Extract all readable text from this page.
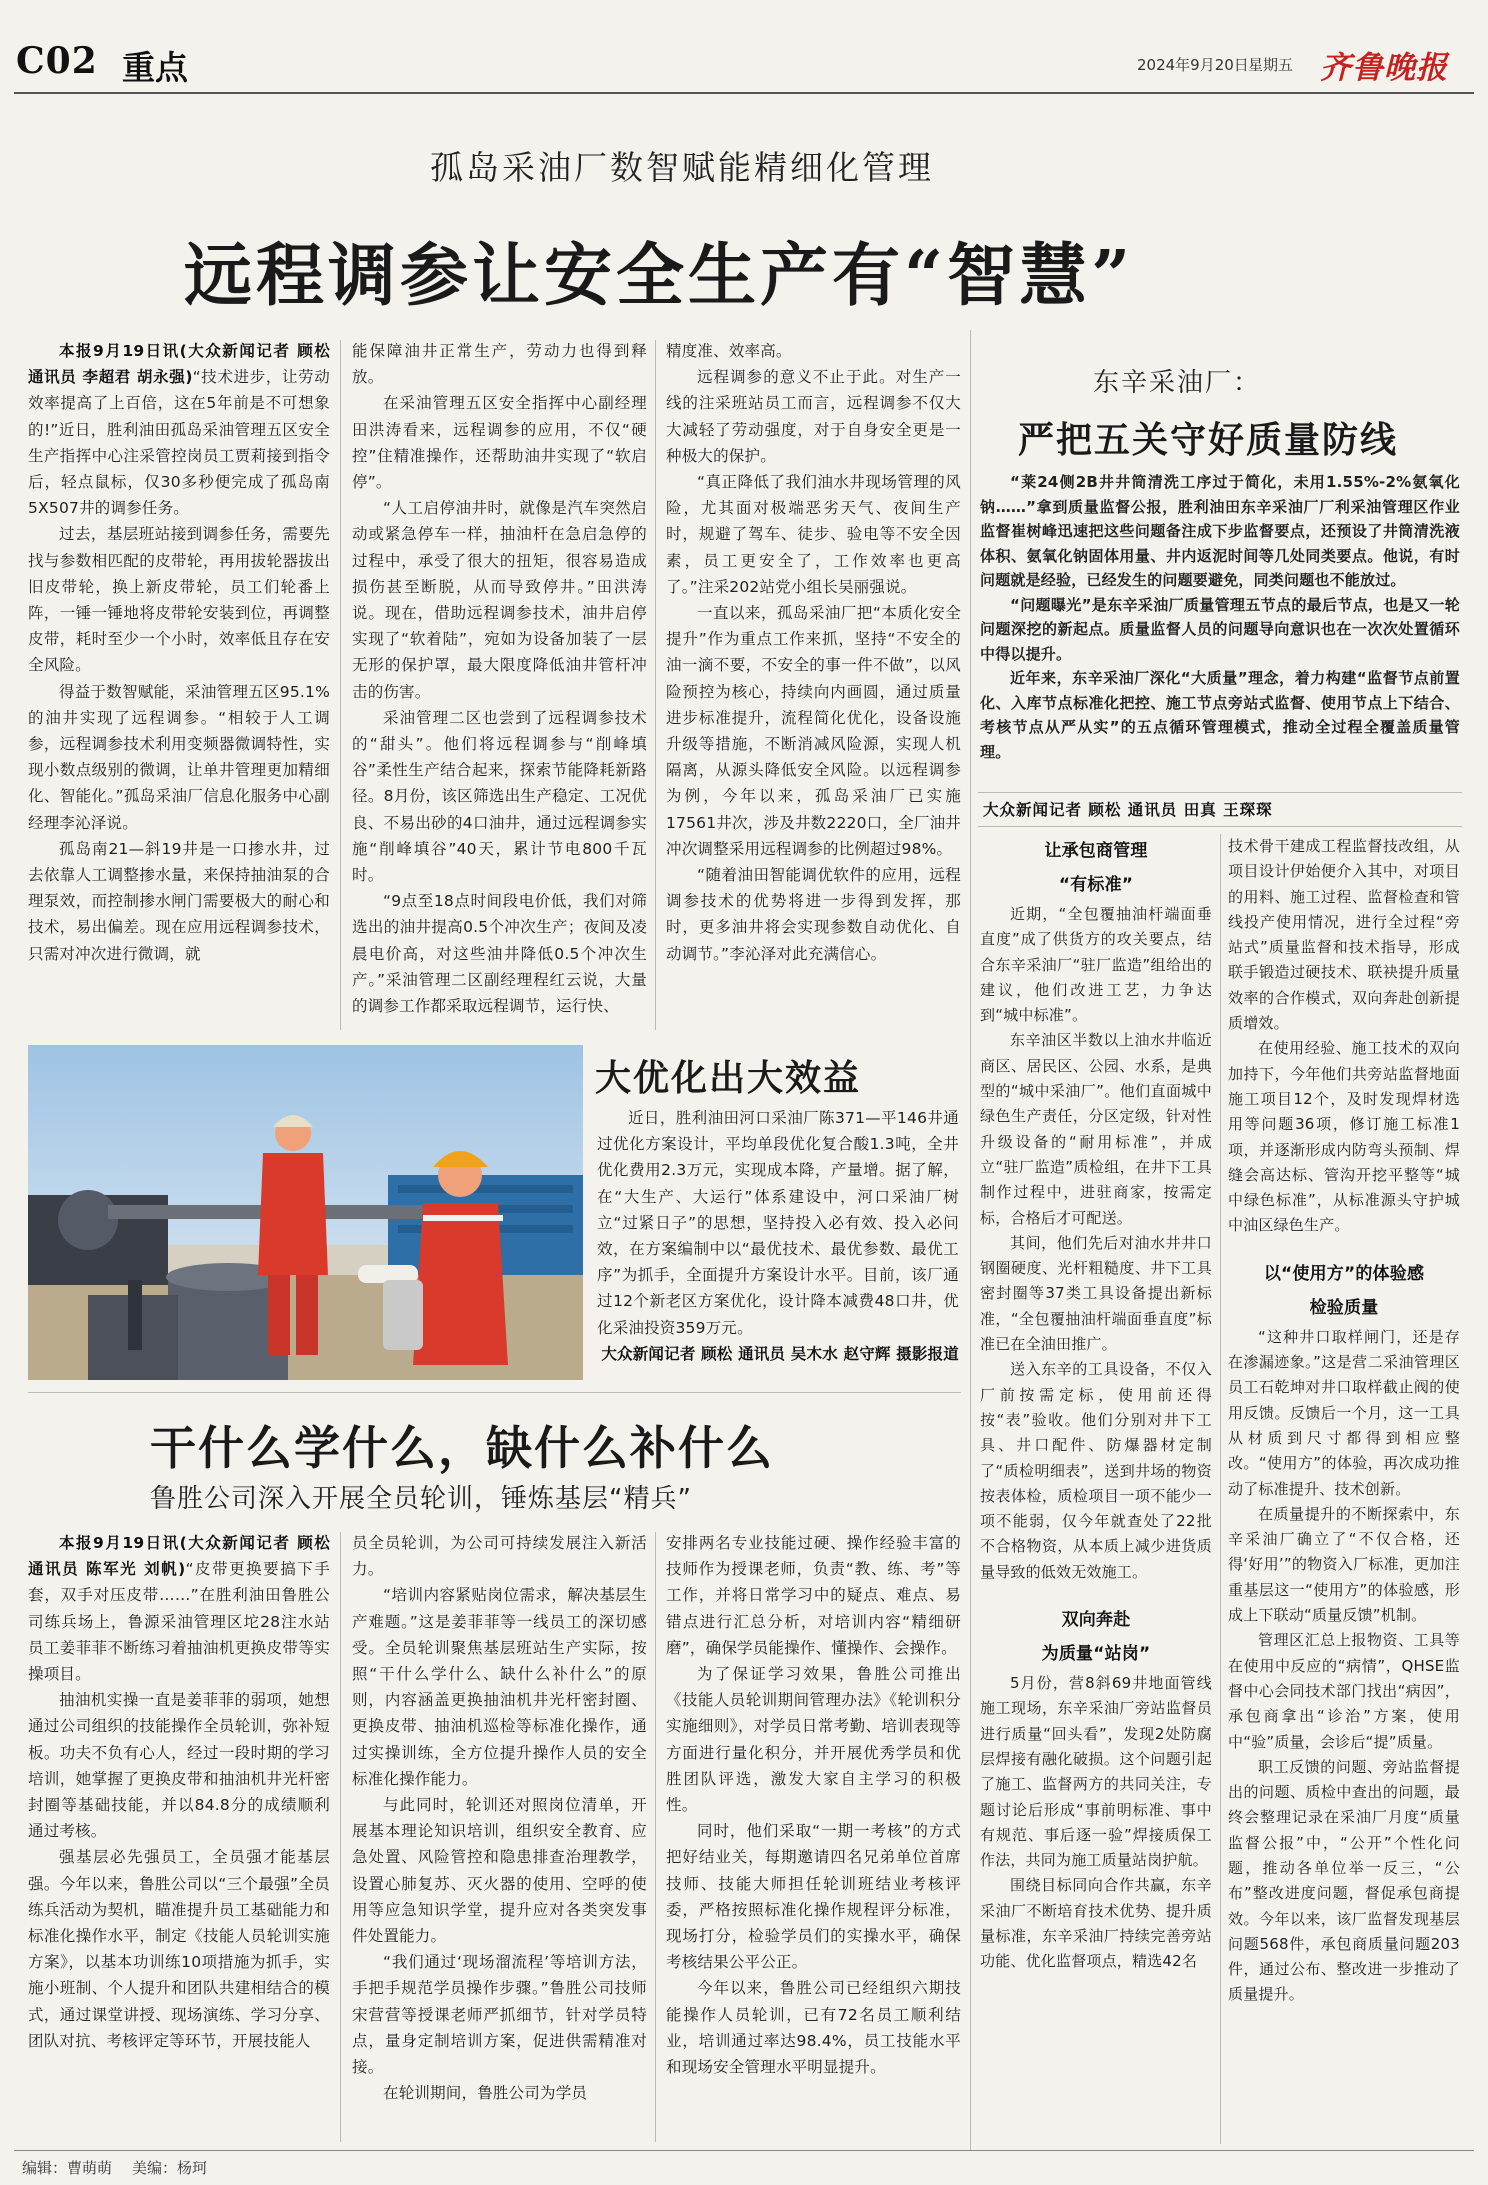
C02 重点	2024年9月20日 星期五 齐鲁晚报
孤岛采油厂数智赋能精细化管理
远程调参让安全生产有“智慧”

本报9月19日讯(大众新闻记者 顾松 通讯员 李超君 胡永强)“技术进步，让劳动效率提高了上百倍，这在5年前是不可想象的!”近日，胜利油田孤岛采油管理五区安全生产指挥中心注采管控岗员工贾莉接到指令后，轻点鼠标，仅30多秒便完成了孤岛南5X507井的调参任务。

过去，基层班站接到调参任务，需要先找与参数相匹配的皮带轮，再用拔轮器拔出旧皮带轮，换上新皮带轮，员工们轮番上阵，一锤一锤地将皮带轮安装到位，再调整皮带，耗时至少一个小时，效率低且存在安全风险。

得益于数智赋能，采油管理五区95.1%的油井实现了远程调参。“相较于人工调参，远程调参技术利用变频器微调特性，实现小数点级别的微调，让单井管理更加精细化、智能化。”孤岛采油厂信息化服务中心副经理李沁泽说。

孤岛南21—斜19井是一口掺水井，过去依靠人工调整掺水量，来保持抽油泵的合理泵效，而控制掺水闸门需要极大的耐心和技术，易出偏差。现在应用远程调参技术，只需对冲次进行微调，就

能保障油井正常生产，劳动力也得到释放。

在采油管理五区安全指挥中心副经理田洪涛看来，远程调参的应用，不仅“硬控”住精准操作，还帮助油井实现了“软启停”。

“人工启停油井时，就像是汽车突然启动或紧急停车一样，抽油杆在急启急停的过程中，承受了很大的扭矩，很容易造成损伤甚至断脱，从而导致停井。”田洪涛说。现在，借助远程调参技术，油井启停实现了“软着陆”，宛如为设备加装了一层无形的保护罩，最大限度降低油井管杆冲击的伤害。

采油管理二区也尝到了远程调参技术的“甜头”。他们将远程调参与“削峰填谷”柔性生产结合起来，探索节能降耗新路径。8月份，该区筛选出生产稳定、工况优良、不易出砂的4口油井，通过远程调参实施“削峰填谷”40天，累计节电800千瓦时。

“9点至18点时间段电价低，我们对筛选出的油井提高0.5个冲次生产；夜间及凌晨电价高，对这些油井降低0.5个冲次生产。”采油管理二区副经理程红云说，大量的调参工作都采取远程调节，运行快、

精度准、效率高。

远程调参的意义不止于此。对生产一线的注采班站员工而言，远程调参不仅大大减轻了劳动强度，对于自身安全更是一种极大的保护。

“真正降低了我们油水井现场管理的风险，尤其面对极端恶劣天气、夜间生产时，规避了驾车、徒步、验电等不安全因素，员工更安全了，工作效率也更高了。”注采202站党小组长吴丽强说。

一直以来，孤岛采油厂把“本质化安全提升”作为重点工作来抓，坚持“不安全的油一滴不要，不安全的事一件不做”，以风险预控为核心，持续向内画圆，通过质量进步标准提升，流程简化优化，设备设施升级等措施，不断消减风险源，实现人机隔离，从源头降低安全风险。以远程调参为例，今年以来，孤岛采油厂已实施17561井次，涉及井数2220口，全厂油井冲次调整采用远程调参的比例超过98%。

“随着油田智能调优软件的应用，远程调参技术的优势将进一步得到发挥，那时，更多油井将会实现参数自动优化、自动调节。”李沁泽对此充满信心。

大优化出大效益

近日，胜利油田河口采油厂陈371—平146井通过优化方案设计，平均单段优化复合酸1.3吨，全井优化费用2.3万元，实现成本降，产量增。据了解，在“大生产、大运行”体系建设中，河口采油厂树立“过紧日子”的思想，坚持投入必有效、投入必问效，在方案编制中以“最优技术、最优参数、最优工序”为抓手，全面提升方案设计水平。目前，该厂通过12个新老区方案优化，设计降本减费48口井，优化采油投资359万元。

大众新闻记者 顾松 通讯员 吴木水 赵守辉 摄影报道

干什么学什么，缺什么补什么
鲁胜公司深入开展全员轮训，锤炼基层“精兵”

本报9月19日讯(大众新闻记者 顾松 通讯员 陈军光 刘帆)“皮带更换要搞下手套，双手对压皮带……”在胜利油田鲁胜公司练兵场上，鲁源采油管理区坨28注水站员工姜菲菲不断练习着抽油机更换皮带等实操项目。

抽油机实操一直是姜菲菲的弱项，她想通过公司组织的技能操作全员轮训，弥补短板。功夫不负有心人，经过一段时期的学习培训，她掌握了更换皮带和抽油机井光杆密封圈等基础技能，并以84.8分的成绩顺利通过考核。

强基层必先强员工，全员强才能基层强。今年以来，鲁胜公司以“三个最强”全员练兵活动为契机，瞄准提升员工基础能力和标准化操作水平，制定《技能人员轮训实施方案》，以基本功训练10项措施为抓手，实施小班制、个人提升和团队共建相结合的模式，通过课堂讲授、现场演练、学习分享、团队对抗、考核评定等环节，开展技能人

员全员轮训，为公司可持续发展注入新活力。

“培训内容紧贴岗位需求，解决基层生产难题。”这是姜菲菲等一线员工的深切感受。全员轮训聚焦基层班站生产实际，按照“干什么学什么、缺什么补什么”的原则，内容涵盖更换抽油机井光杆密封圈、更换皮带、抽油机巡检等标准化操作，通过实操训练，全方位提升操作人员的安全标准化操作能力。

与此同时，轮训还对照岗位清单，开展基本理论知识培训，组织安全教育、应急处置、风险管控和隐患排查治理教学，设置心肺复苏、灭火器的使用、空呼的使用等应急知识学堂，提升应对各类突发事件处置能力。

“我们通过‘现场溜流程’等培训方法，手把手规范学员操作步骤。”鲁胜公司技师宋营营等授课老师严抓细节，针对学员特点，量身定制培训方案，促进供需精准对接。

在轮训期间，鲁胜公司为学员

安排两名专业技能过硬、操作经验丰富的技师作为授课老师，负责“教、练、考”等工作，并将日常学习中的疑点、难点、易错点进行汇总分析，对培训内容“精细研磨”，确保学员能操作、懂操作、会操作。

为了保证学习效果，鲁胜公司推出《技能人员轮训期间管理办法》《轮训积分实施细则》，对学员日常考勤、培训表现等方面进行量化积分，并开展优秀学员和优胜团队评选，激发大家自主学习的积极性。

同时，他们采取“一期一考核”的方式把好结业关，每期邀请四名兄弟单位首席技师、技能大师担任轮训班结业考核评委，严格按照标准化操作规程评分标准，现场打分，检验学员们的实操水平，确保考核结果公平公正。

今年以来，鲁胜公司已经组织六期技能操作人员轮训，已有72名员工顺利结业，培训通过率达98.4%，员工技能水平和现场安全管理水平明显提升。

东辛采油厂：
严把五关守好质量防线

“莱24侧2B井井筒清洗工序过于简化，未用1.55%-2%氨氧化钠……”拿到质量监督公报，胜利油田东辛采油厂厂利采油管理区作业监督崔树峰迅速把这些问题备注成下步监督要点，还预设了井筒清洗液体积、氨氧化钠固体用量、井内返泥时间等几处同类要点。他说，有时问题就是经验，已经发生的问题要避免，同类问题也不能放过。

“问题曝光”是东辛采油厂质量管理五节点的最后节点，也是又一轮问题深挖的新起点。质量监督人员的问题导向意识也在一次次处置循环中得以提升。

近年来，东辛采油厂深化“大质量”理念，着力构建“监督节点前置化、入库节点标准化把控、施工节点旁站式监督、使用节点上下结合、考核节点从严从实”的五点循环管理模式，推动全过程全覆盖质量管理。

大众新闻记者 顾松 通讯员 田真 王琛琛
让承包商管理
“有标准”

近期，“全包覆抽油杆端面垂直度”成了供货方的攻关要点，结合东辛采油厂“驻厂监造”组给出的建议，他们改进工艺，力争达到“城中标准”。

东辛油区半数以上油水井临近商区、居民区、公园、水系，是典型的“城中采油厂”。他们直面城中绿色生产责任，分区定级，针对性升级设备的“耐用标准”，并成立“驻厂监造”质检组，在井下工具制作过程中，进驻商家，按需定标，合格后才可配送。

其间，他们先后对油水井井口钢圈硬度、光杆粗糙度、井下工具密封圈等37类工具设备提出新标准，“全包覆抽油杆端面垂直度”标准已在全油田推广。

送入东辛的工具设备，不仅入厂前按需定标，使用前还得按“表”验收。他们分别对井下工具、井口配件、防爆器材定制了“质检明细表”，送到井场的物资按表体检，质检项目一项不能少一项不能弱，仅今年就查处了22批不合格物资，从本质上减少进货质量导致的低效无效施工。

双向奔赴
为质量“站岗”

5月份，营8斜69井地面管线施工现场，东辛采油厂旁站监督员进行质量“回头看”，发现2处防腐层焊接有融化破损。这个问题引起了施工、监督两方的共同关注，专题讨论后形成“事前明标准、事中有规范、事后逐一验”焊接质保工作法，共同为施工质量站岗护航。

围绕目标同向合作共赢，东辛采油厂不断培育技术优势、提升质量标准，东辛采油厂持续完善旁站功能、优化监督项点，精选42名

技术骨干建成工程监督技改组，从项目设计伊始便介入其中，对项目的用料、施工过程、监督检查和管线投产使用情况，进行全过程“旁站式”质量监督和技术指导，形成联手锻造过硬技术、联袂提升质量效率的合作模式，双向奔赴创新提质增效。

在使用经验、施工技术的双向加持下，今年他们共旁站监督地面施工项目12个，及时发现焊材选用等问题36项，修订施工标准1项，并逐渐形成内防弯头预制、焊缝会高达标、管沟开挖平整等“城中绿色标准”，从标准源头守护城中油区绿色生产。

以“使用方”的体验感
检验质量

“这种井口取样闸门，还是存在渗漏迹象。”这是营二采油管理区员工石乾坤对井口取样截止阀的使用反馈。反馈后一个月，这一工具从材质到尺寸都得到相应整改。“使用方”的体验，再次成功推动了标准提升、技术创新。

在质量提升的不断探索中，东辛采油厂确立了“不仅合格，还得‘好用’”的物资入厂标准，更加注重基层这一“使用方”的体验感，形成上下联动“质量反馈”机制。

管理区汇总上报物资、工具等在使用中反应的“病情”，QHSE监督中心会同技术部门找出“病因”，承包商拿出“诊治”方案，使用中“验”质量，会诊后“提”质量。

职工反馈的问题、旁站监督提出的问题、质检中查出的问题，最终会整理记录在采油厂月度“质量监督公报”中，“公开”个性化问题，推动各单位举一反三，“公布”整改进度问题，督促承包商提效。今年以来，该厂监督发现基层问题568件，承包商质量问题203件，通过公布、整改进一步推动了质量提升。

编辑：曹萌萌 美编：杨珂
